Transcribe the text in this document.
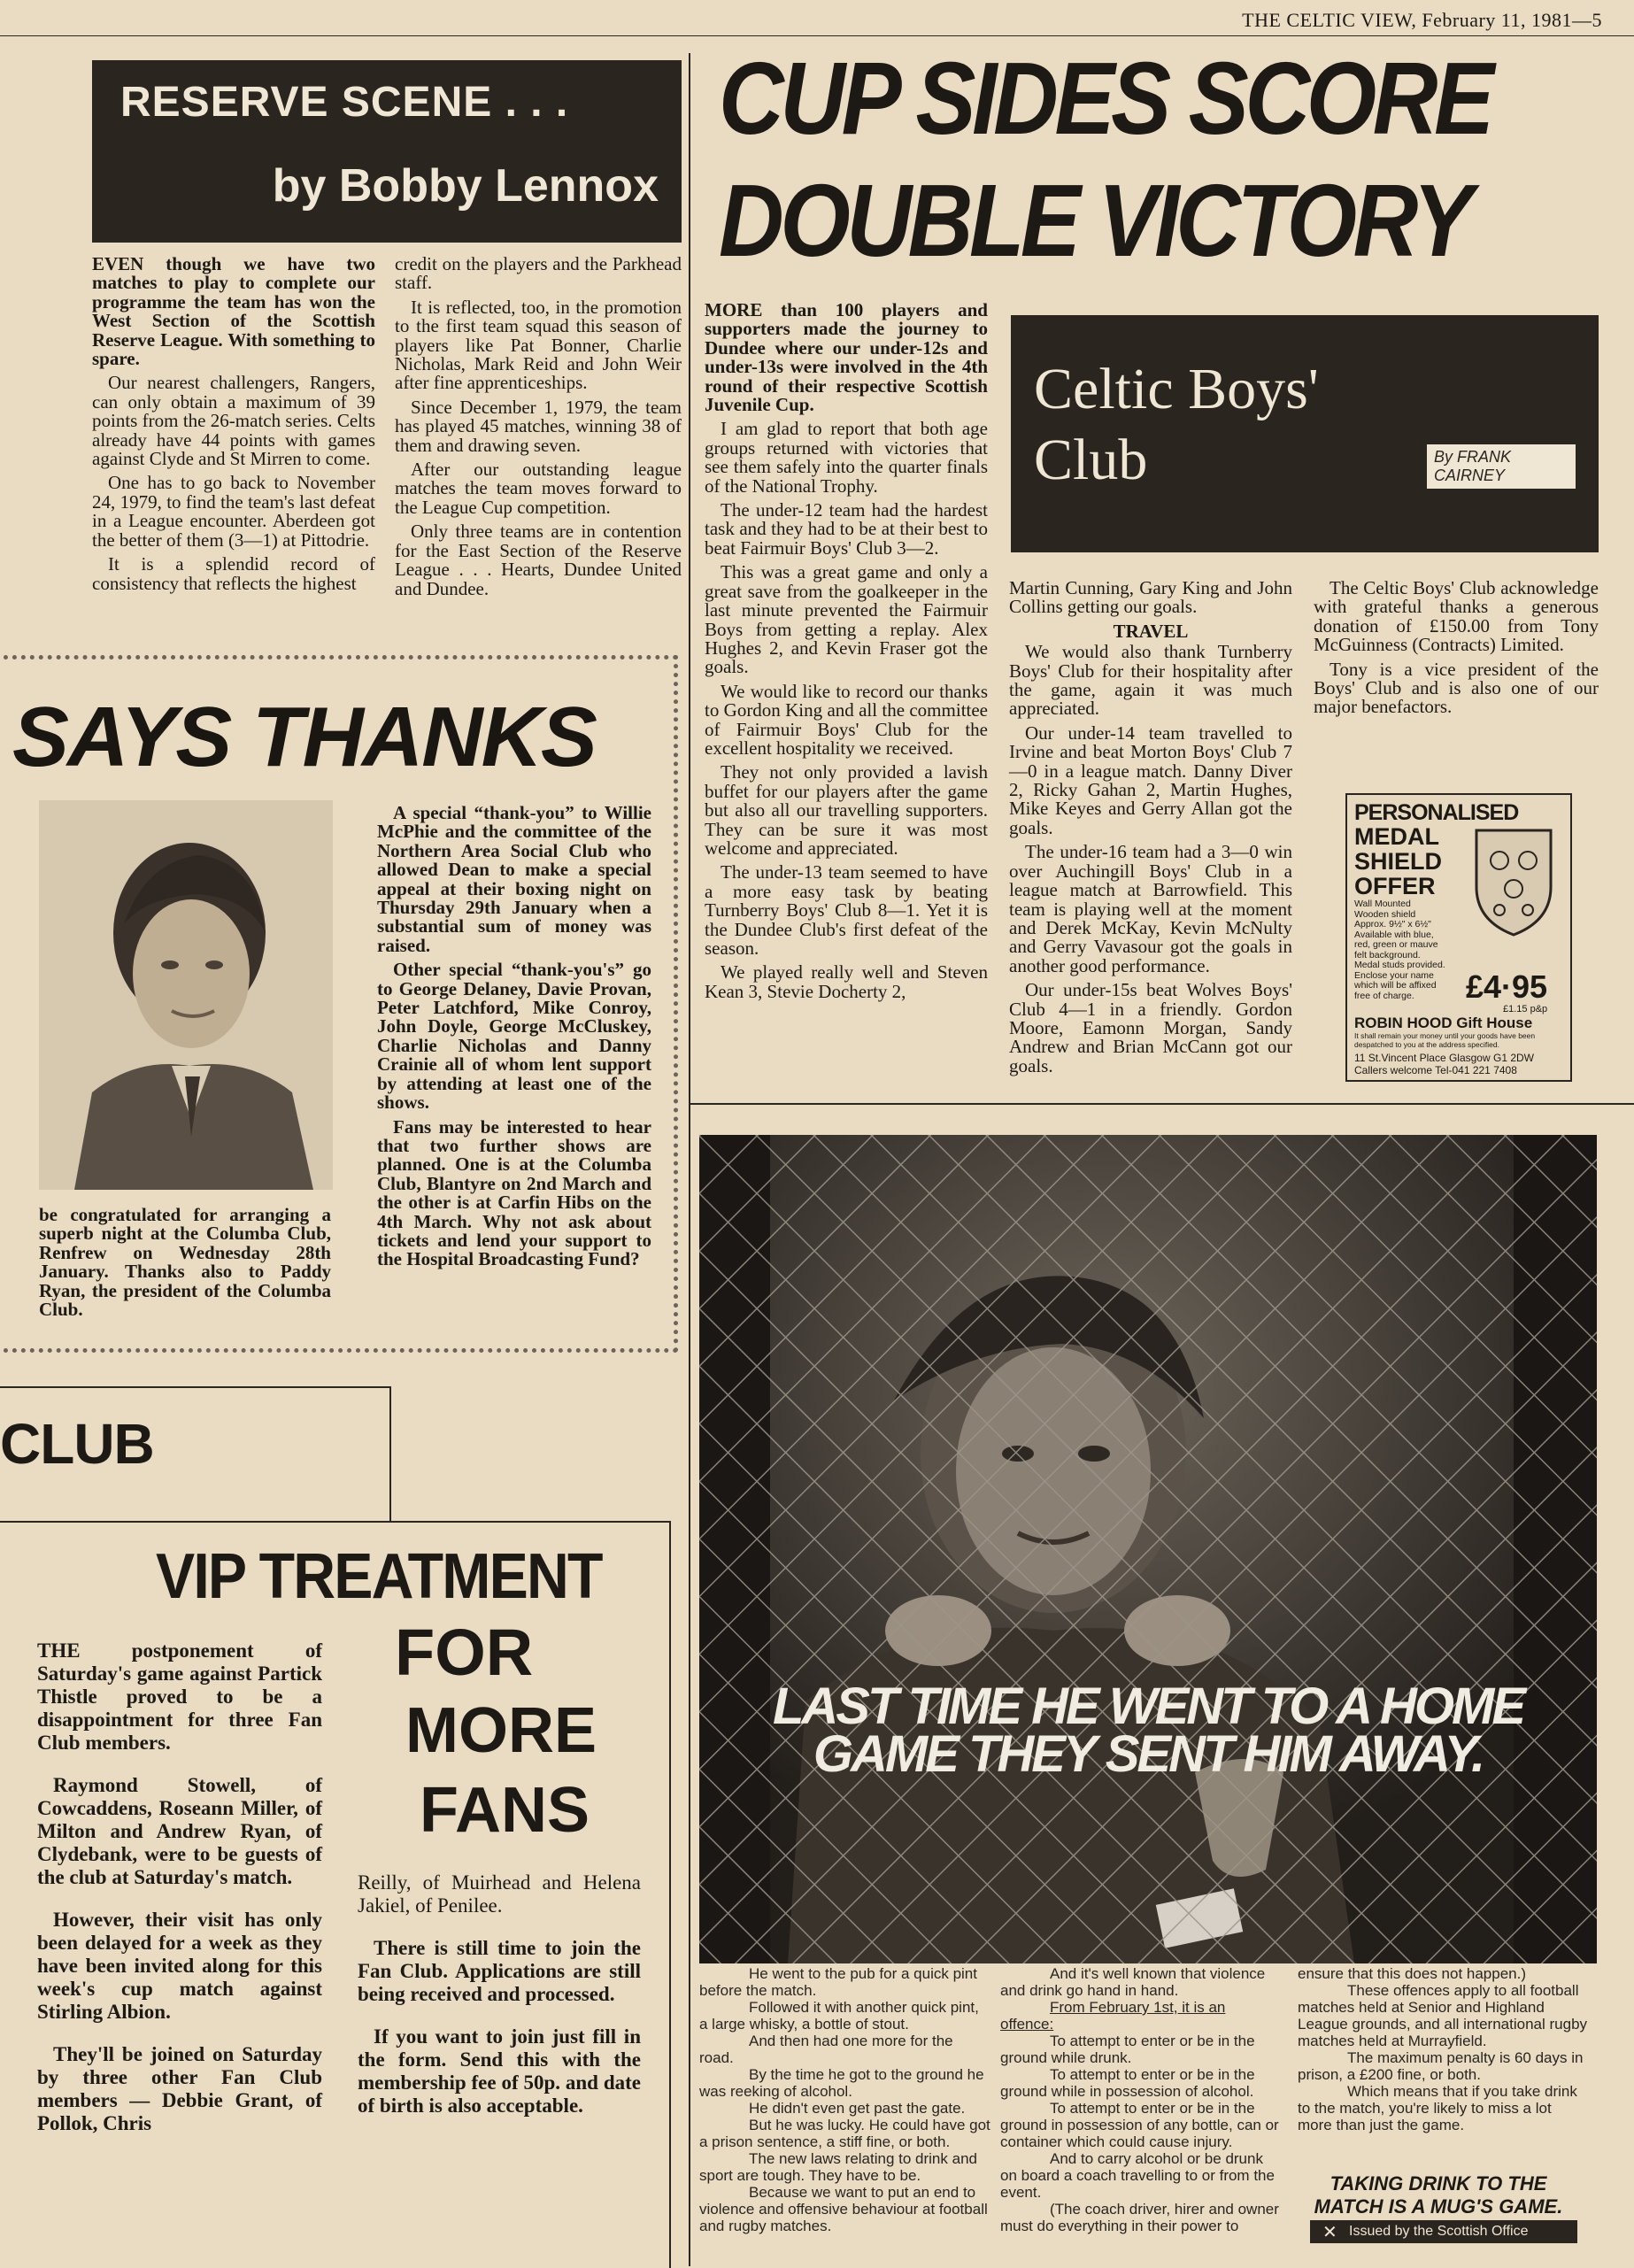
THE CELTIC VIEW, February 11, 1981—5
RESERVE SCENE . . .
by Bobby Lennox

EVEN though we have two matches to play to complete our programme the team has won the West Section of the Scottish Reserve League. With something to spare.

Our nearest challengers, Rangers, can only obtain a maximum of 39 points from the 26-match series. Celts already have 44 points with games against Clyde and St Mirren to come.

One has to go back to November 24, 1979, to find the team's last defeat in a League encounter. Aberdeen got the better of them (3—1) at Pittodrie.

It is a splendid record of consistency that reflects the highest

credit on the players and the Parkhead staff.

It is reflected, too, in the promotion to the first team squad this season of players like Pat Bonner, Charlie Nicholas, Mark Reid and John Weir after fine apprenticeships.

Since December 1, 1979, the team has played 45 matches, winning 38 of them and drawing seven.

After our outstanding league matches the team moves forward to the League Cup competition.

Only three teams are in contention for the East Section of the Reserve League . . . Hearts, Dundee United and Dundee.

SAYS THANKS
be congratulated for arranging a superb night at the Columba Club, Renfrew on Wednesday 28th January. Thanks also to Paddy Ryan, the president of the Columba Club.

A special “thank-you” to Willie McPhie and the committee of the Northern Area Social Club who allowed Dean to make a special appeal at their boxing night on Thursday 29th January when a substantial sum of money was raised.

Other special “thank-you's” go to George Delaney, Davie Provan, Peter Latchford, Mike Conroy, John Doyle, George McCluskey, Charlie Nicholas and Danny Crainie all of whom lent support by attending at least one of the shows.

Fans may be interested to hear that two further shows are planned. One is at the Columba Club, Blantyre on 2nd March and the other is at Carfin Hibs on the 4th March. Why not ask about tickets and lend your support to the Hospital Broadcasting Fund?

CLUB
VIP TREATMENT
FOR
MORE
FANS

THE postponement of Saturday's game against Partick Thistle proved to be a disappointment for three Fan Club members.

Raymond Stowell, of Cowcaddens, Roseann Miller, of Milton and Andrew Ryan, of Clydebank, were to be guests of the club at Saturday's match.

However, their visit has only been delayed for a week as they have been invited along for this week's cup match against Stirling Albion.

They'll be joined on Saturday by three other Fan Club members — Debbie Grant, of Pollok, Chris

Reilly, of Muirhead and Helena Jakiel, of Penilee.

There is still time to join the Fan Club. Applications are still being received and processed.

If you want to join just fill in the form. Send this with the membership fee of 50p. and date of birth is also acceptable.

CUP SIDES SCORE
DOUBLE VICTORY
Celtic Boys'
Club	By FRANK CAIRNEY

MORE than 100 players and supporters made the journey to Dundee where our under-12s and under-13s were involved in the 4th round of their respective Scottish Juvenile Cup.

I am glad to report that both age groups returned with victories that see them safely into the quarter finals of the National Trophy.

The under-12 team had the hardest task and they had to be at their best to beat Fairmuir Boys' Club 3—2.

This was a great game and only a great save from the goalkeeper in the last minute prevented the Fairmuir Boys from getting a replay. Alex Hughes 2, and Kevin Fraser got the goals.

We would like to record our thanks to Gordon King and all the committee of Fairmuir Boys' Club for the excellent hospitality we received.

They not only provided a lavish buffet for our players after the game but also all our travelling supporters. They can be sure it was most welcome and appreciated.

The under-13 team seemed to have a more easy task by beating Turnberry Boys' Club 8—1. Yet it is the Dundee Club's first defeat of the season.

We played really well and Steven Kean 3, Stevie Docherty 2,

Martin Cunning, Gary King and John Collins getting our goals.

TRAVEL

We would also thank Turnberry Boys' Club for their hospitality after the game, again it was much appreciated.

Our under-14 team travelled to Irvine and beat Morton Boys' Club 7—0 in a league match. Danny Diver 2, Ricky Gahan 2, Martin Hughes, Mike Keyes and Gerry Allan got the goals.

The under-16 team had a 3—0 win over Auchingill Boys' Club in a league match at Barrowfield. This team is playing well at the moment and Derek McKay, Kevin McNulty and Gerry Vavasour got the goals in another good performance.

Our under-15s beat Wolves Boys' Club 4—1 in a friendly. Gordon Moore, Eamonn Morgan, Sandy Andrew and Brian McCann got our goals.

The Celtic Boys' Club acknowledge with grateful thanks a generous donation of £150.00 from Tony McGuinness (Contracts) Limited.

Tony is a vice president of the Boys' Club and is also one of our major benefactors.

PERSONALISED
MEDAL
SHIELD
OFFER
Wall Mounted
Wooden shield
Approx. 9½" x 6½"
Available with blue,
red, green or mauve
felt background.
Medal studs provided.
Enclose your name
which will be affixed
free of charge.	£4·95
£1.15 p&p
ROBIN HOOD Gift House
It shall remain your money until your goods have been despatched to you at the address specified.
11 St.Vincent Place Glasgow G1 2DW
Callers welcome Tel-041 221 7408
LAST TIME HE WENT TO A HOME
GAME THEY SENT HIM AWAY.

He went to the pub for a quick pint before the match.

Followed it with another quick pint, a large whisky, a bottle of stout.

And then had one more for the road.

By the time he got to the ground he was reeking of alcohol.

He didn't even get past the gate.

But he was lucky. He could have got a prison sentence, a stiff fine, or both.

The new laws relating to drink and sport are tough. They have to be.

Because we want to put an end to violence and offensive behaviour at football and rugby matches.

And it's well known that violence and drink go hand in hand.

From February 1st, it is an offence:

To attempt to enter or be in the ground while drunk.

To attempt to enter or be in the ground while in possession of alcohol.

To attempt to enter or be in the ground in possession of any bottle, can or container which could cause injury.

And to carry alcohol or be drunk on board a coach travelling to or from the event.

(The coach driver, hirer and owner must do everything in their power to

ensure that this does not happen.)

These offences apply to all football matches held at Senior and Highland League grounds, and all international rugby matches held at Murrayfield.

The maximum penalty is 60 days in prison, a £200 fine, or both.

Which means that if you take drink to the match, you're likely to miss a lot more than just the game.

TAKING DRINK TO THE
MATCH IS A MUG'S GAME.
✕ Issued by the Scottish Office
